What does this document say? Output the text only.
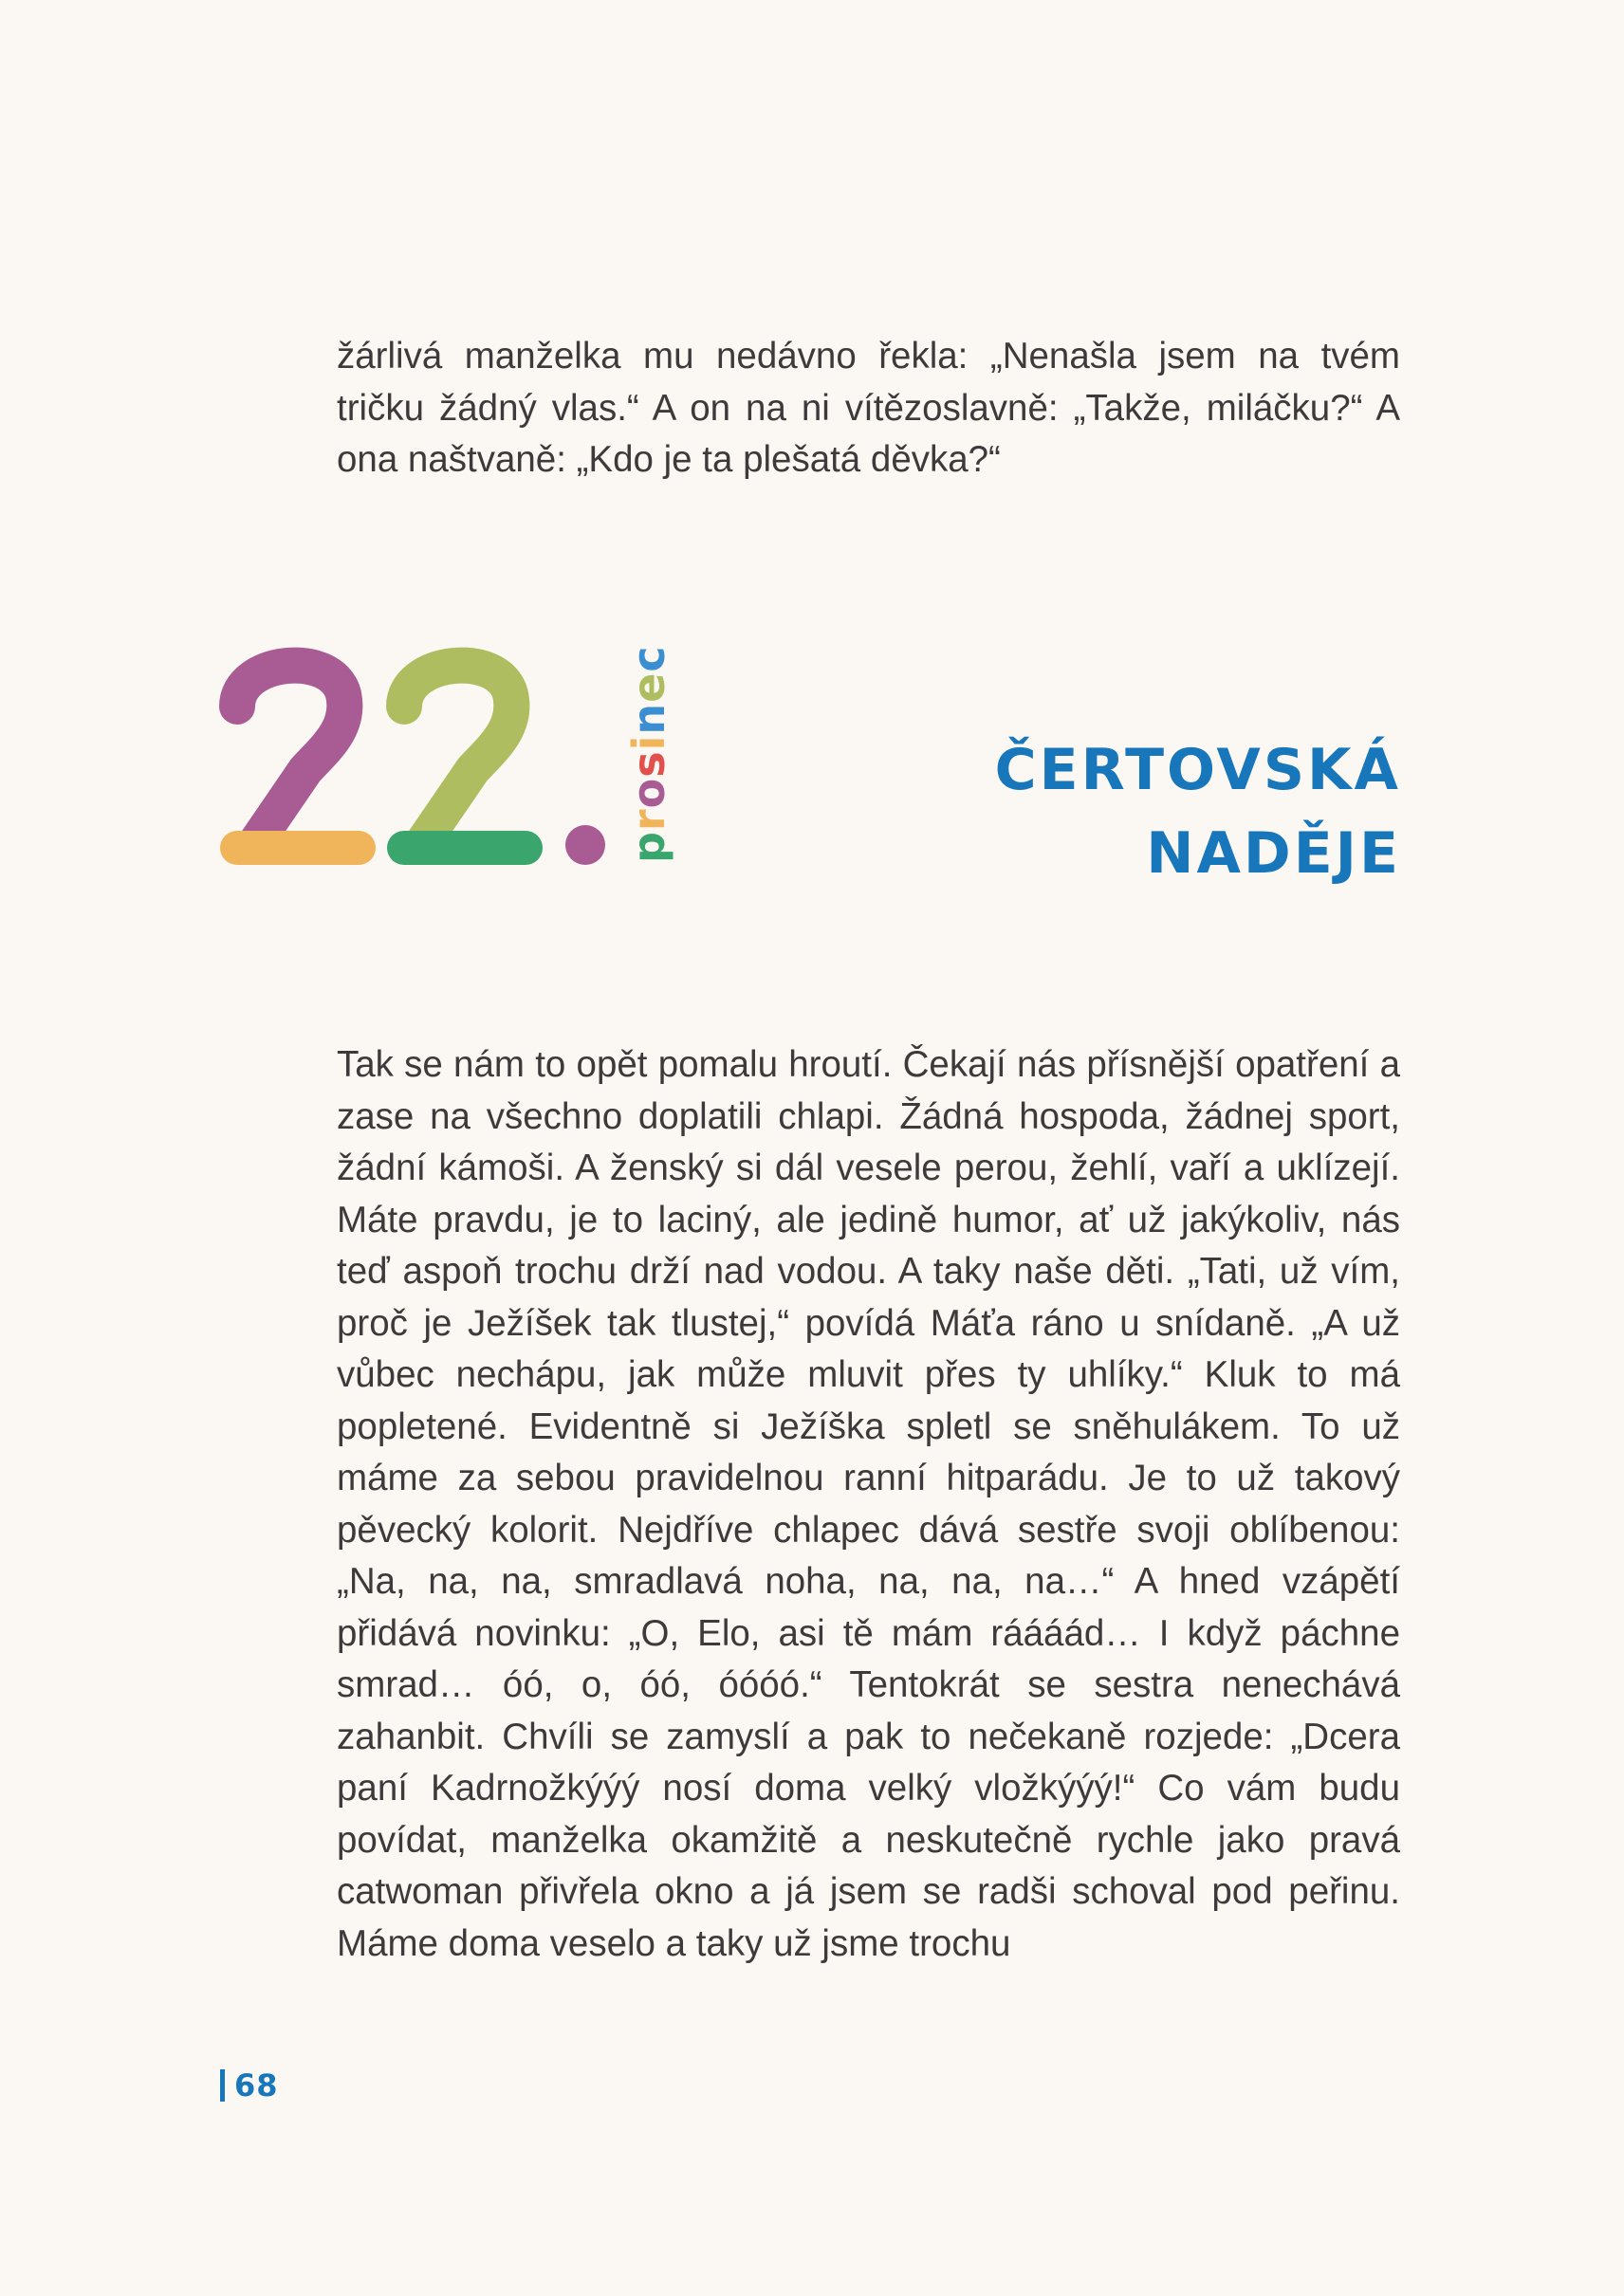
žárlivá manželka mu nedávno řekla: „Nenašla jsem na tvém tričku žádný vlas.“ A on na ni vítězoslavně: „Takže, miláčku?“ A ona naštvaně: „Kdo je ta plešatá děvka?“

prosinec
ČERTOVSKÁ
NADĚJE

Tak se nám to opět pomalu hroutí. Čekají nás přísnější opatření a zase na všechno doplatili chlapi. Žádná hospoda, žádnej sport, žádní kámoši. A ženský si dál vesele perou, žehlí, vaří a uklízejí. Máte pravdu, je to laciný, ale jedině humor, ať už jakýkoliv, nás teď aspoň trochu drží nad vodou. A taky naše děti. „Tati, už vím, proč je Ježíšek tak tlustej,“ povídá Máťa ráno u snídaně. „A už vůbec nechápu, jak může mluvit přes ty uhlíky.“ Kluk to má popletené. Evidentně si Ježíška spletl se sněhulákem. To už máme za sebou pravidelnou ranní hitparádu. Je to už takový pěvecký kolorit. Nejdříve chlapec dává sestře svoji oblíbenou: „Na, na, na, smradlavá noha, na, na, na…“ A hned vzápětí přidává novinku: „O, Elo, asi tě mám ráááád… I když páchne smrad… óó, o, óó, óóóó.“ Tentokrát se sestra nenechává zahanbit. Chvíli se zamyslí a pak to nečekaně rozjede: „Dcera paní Kadrnožkýýý nosí doma velký vložkýýý!“ Co vám budu povídat, manželka okamžitě a neskutečně rychle jako pravá catwoman přivřela okno a já jsem se radši schoval pod peřinu. Máme doma veselo a taky už jsme trochu

68
